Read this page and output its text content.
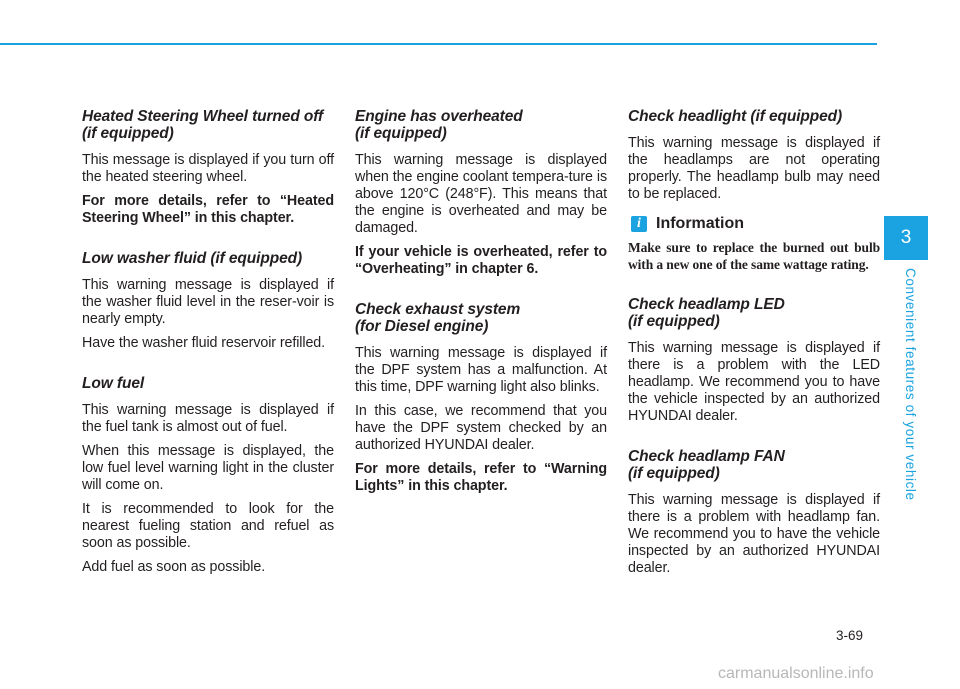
Heated Steering Wheel turned off (if equipped)

This message is displayed if you turn off the heated steering wheel.

For more details, refer to “Heated Steering Wheel” in this chapter.

Low washer fluid (if equipped)

This warning message is displayed if the washer fluid level in the reser-voir is nearly empty.

Have the washer fluid reservoir refilled.

Low fuel

This warning message is displayed if the fuel tank is almost out of fuel.

When this message is displayed, the low fuel level warning light in the cluster will come on.

It is recommended to look for the nearest fueling station and refuel as soon as possible.

Add fuel as soon as possible.

Engine has overheated
(if equipped)

This warning message is displayed when the engine coolant tempera-ture is above 120°C (248°F). This means that the engine is overheated and may be damaged.

If your vehicle is overheated, refer to “Overheating” in chapter 6.

Check exhaust system
(for Diesel engine)

This warning message is displayed if the DPF system has a malfunction. At this time, DPF warning light also blinks.

In this case, we recommend that you have the DPF system checked by an authorized HYUNDAI dealer.

For more details, refer to “Warning Lights” in this chapter.

Check headlight (if equipped)

This warning message is displayed if the headlamps are not operating properly. The headlamp bulb may need to be replaced.

i Information

Make sure to replace the burned out bulb with a new one of the same wattage rating.

Check headlamp LED
(if equipped)

This warning message is displayed if there is a problem with the LED headlamp. We recommend you to have the vehicle inspected by an authorized HYUNDAI dealer.

Check headlamp FAN
(if equipped)

This warning message is displayed if there is a problem with headlamp fan. We recommend you to have the vehicle inspected by an authorized HYUNDAI dealer.

3
Convenient features of your vehicle
3-69
carmanualsonline.info
